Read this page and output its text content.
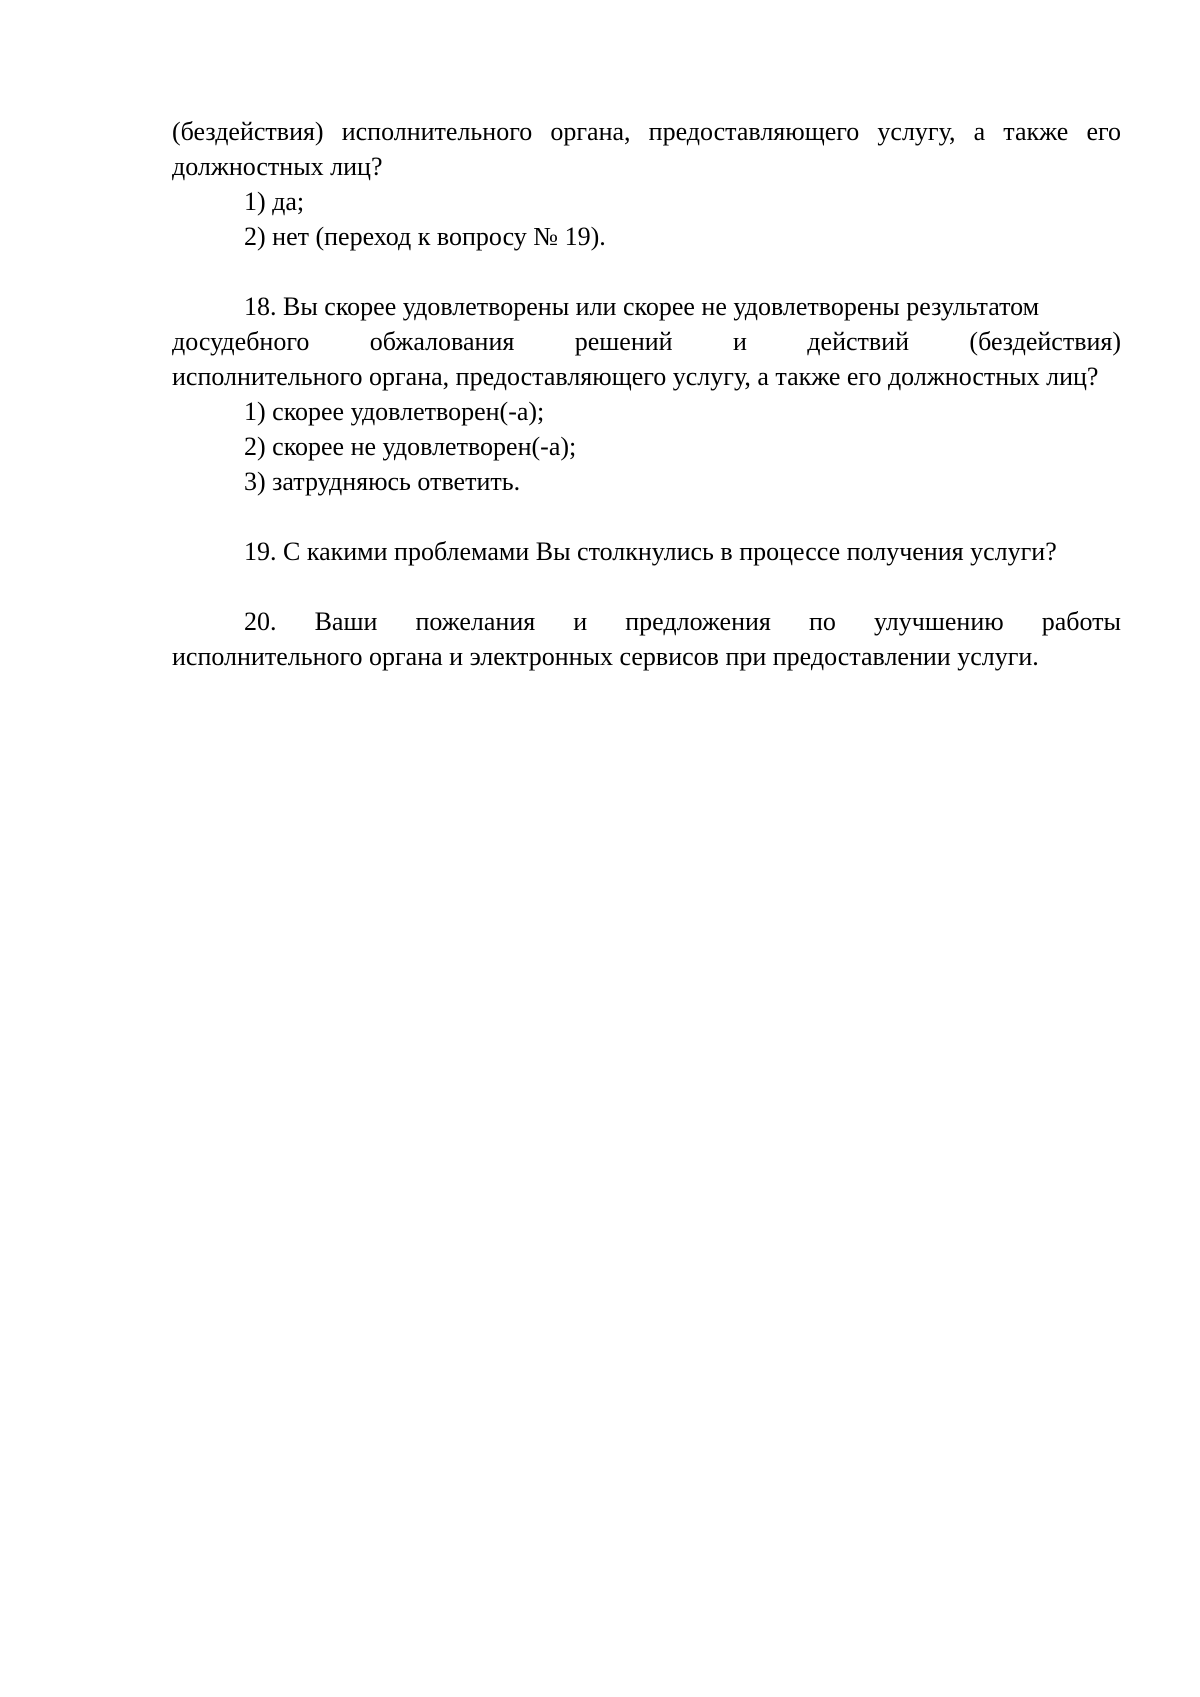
(бездействия) исполнительного органа, предоставляющего услугу, а также его должностных лиц?

1) да;

2) нет (переход к вопросу № 19).

18. Вы скорее удовлетворены или скорее не удовлетворены результатом

досудебного обжалования решений и действий (бездействия)

исполнительного органа, предоставляющего услугу, а также его должностных лиц?

1) скорее удовлетворен(-а);

2) скорее не удовлетворен(-а);

3) затрудняюсь ответить.

19. С какими проблемами Вы столкнулись в процессе получения услуги?

20. Ваши пожелания и предложения по улучшению работы

исполнительного органа и электронных сервисов при предоставлении услуги.
